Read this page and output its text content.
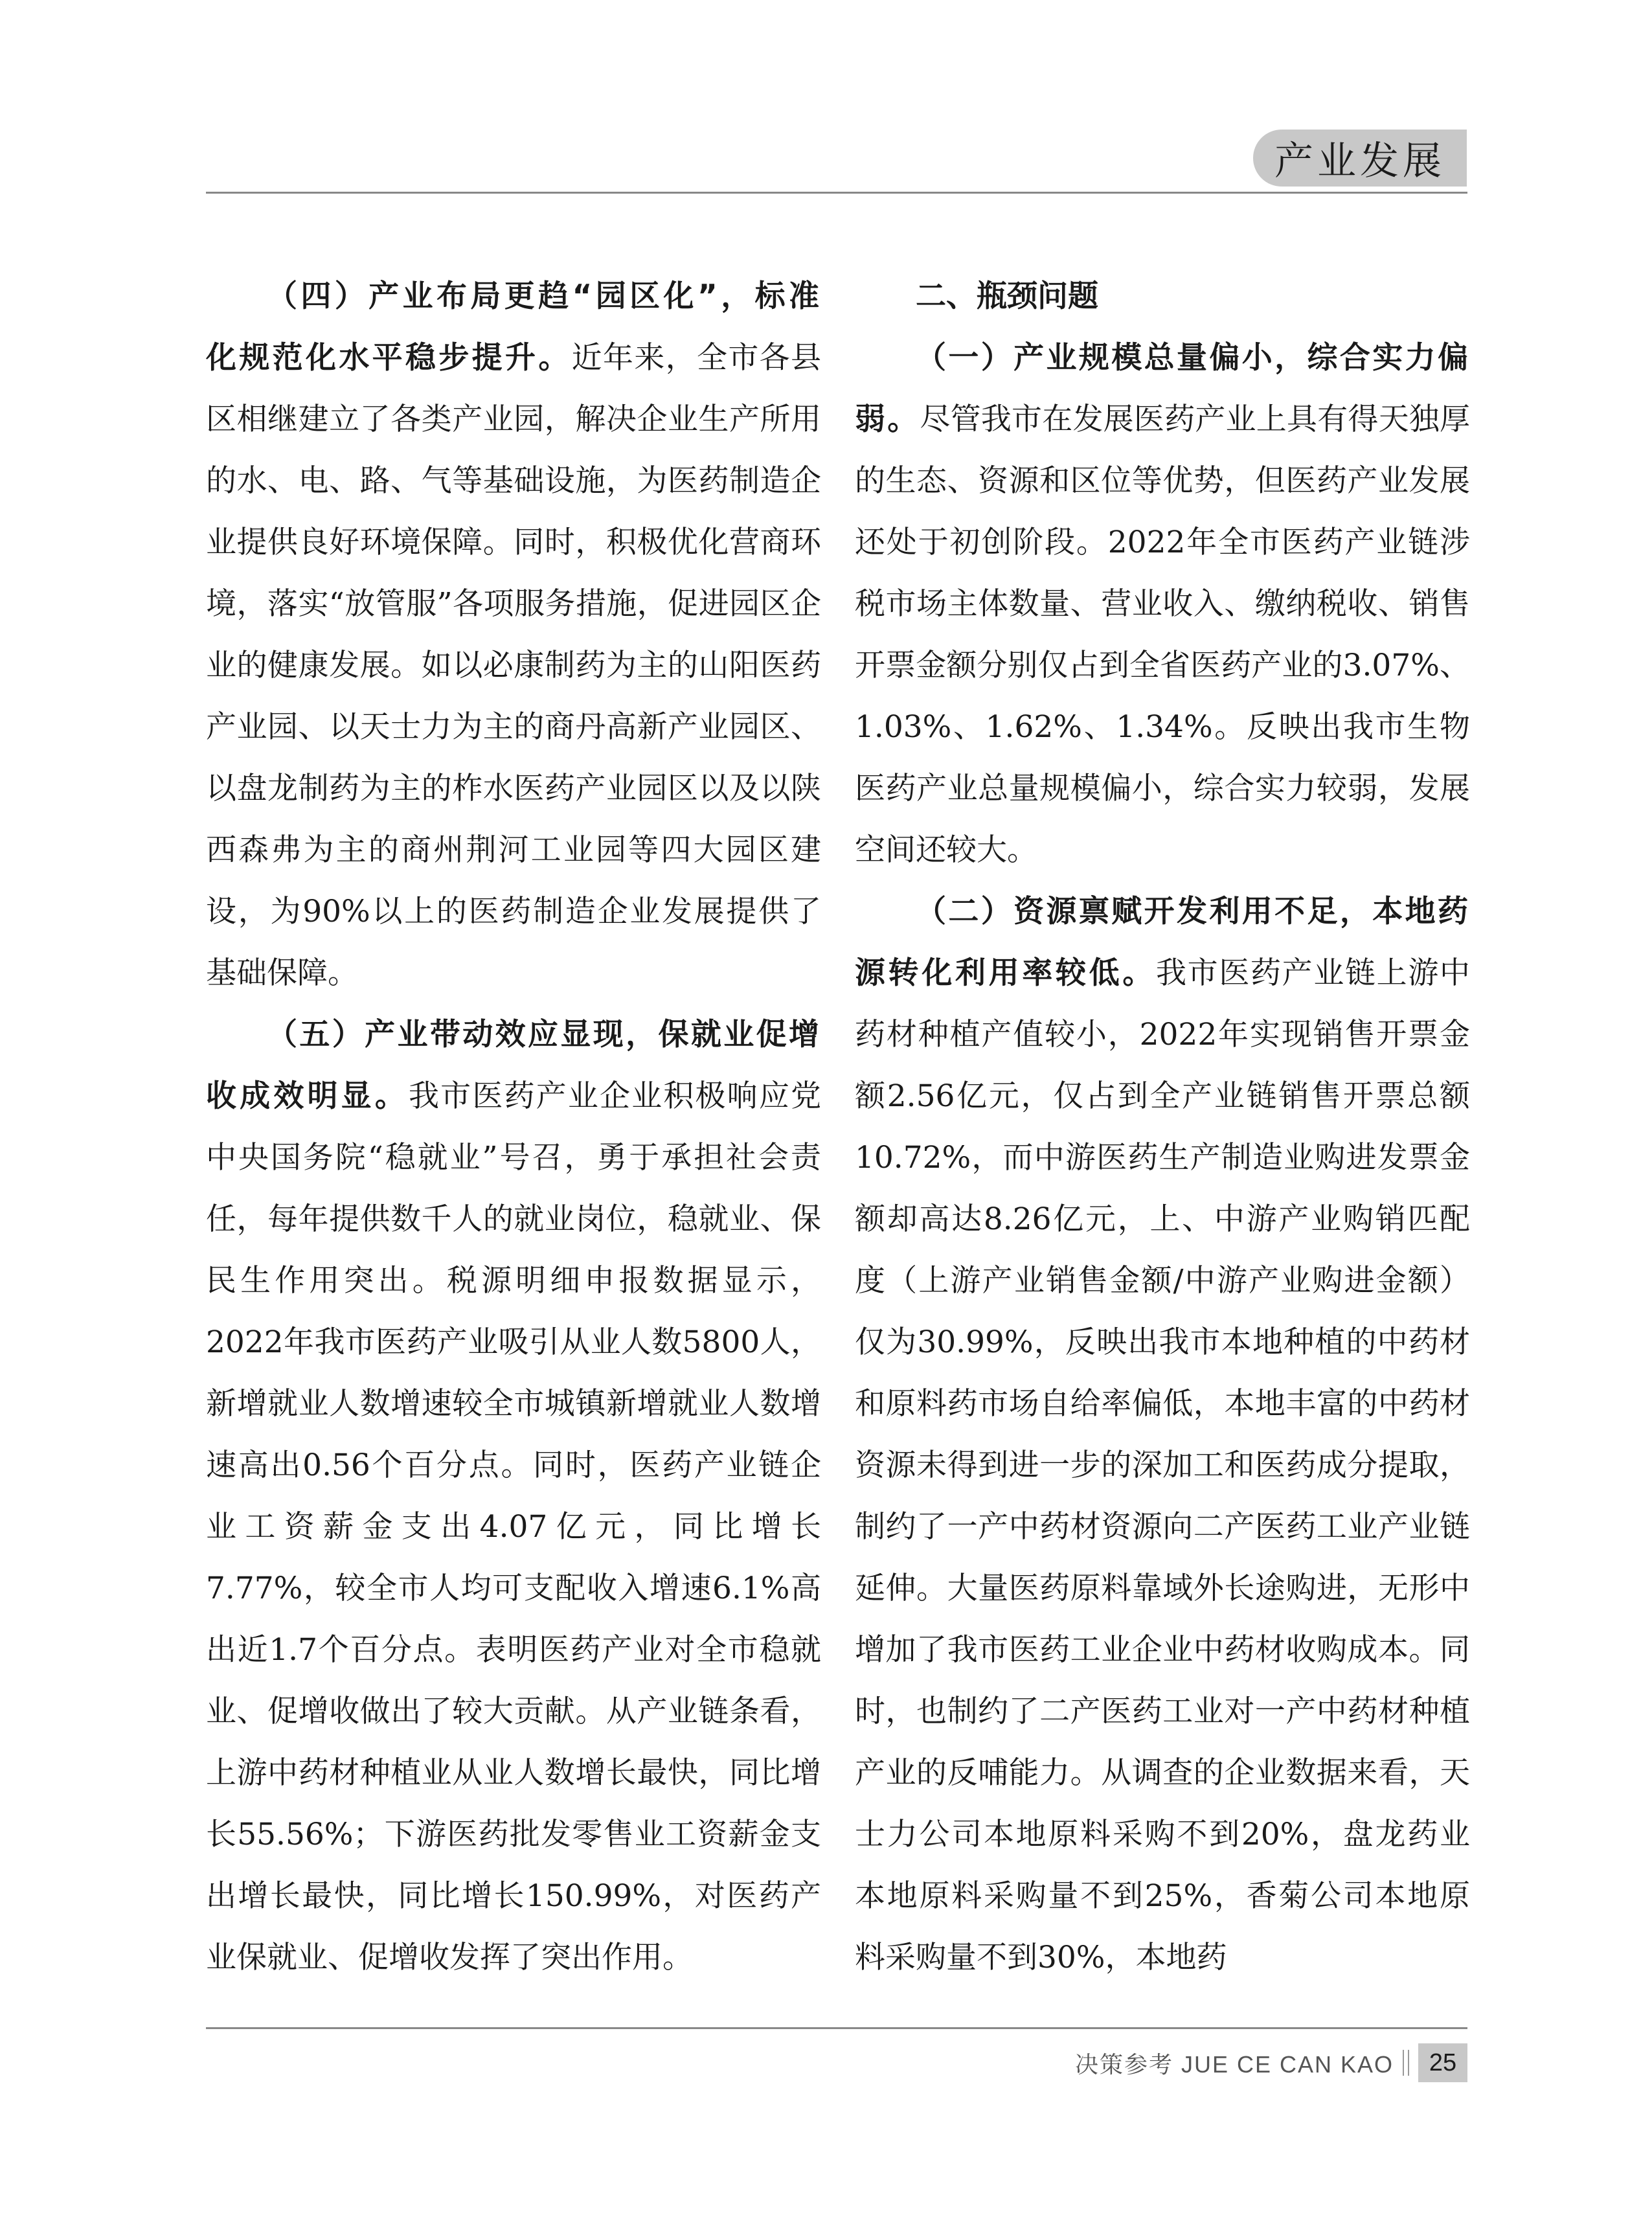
产业发展

（四）产业布局更趋“园区化”，标准化规范化水平稳步提升。近年来，全市各县区相继建立了各类产业园，解决企业生产所用的水、电、路、气等基础设施，为医药制造企业提供良好环境保障。同时，积极优化营商环境，落实“放管服”各项服务措施，促进园区企业的健康发展。如以必康制药为主的山阳医药产业园、以天士力为主的商丹高新产业园区、以盘龙制药为主的柞水医药产业园区以及以陕西森弗为主的商州荆河工业园等四大园区建设，为90%以上的医药制造企业发展提供了基础保障。

（五）产业带动效应显现，保就业促增收成效明显。我市医药产业企业积极响应党中央国务院“稳就业”号召，勇于承担社会责任，每年提供数千人的就业岗位，稳就业、保民生作用突出。税源明细申报数据显示，2022年我市医药产业吸引从业人数5800人，新增就业人数增速较全市城镇新增就业人数增速高出0.56个百分点。同时，医药产业链企业工资薪金支出4.07亿元，同比增长7.77%，较全市人均可支配收入增速6.1%高出近1.7个百分点。表明医药产业对全市稳就业、促增收做出了较大贡献。从产业链条看，上游中药材种植业从业人数增长最快，同比增长55.56%；下游医药批发零售业工资薪金支出增长最快，同比增长150.99%，对医药产业保就业、促增收发挥了突出作用。

二、瓶颈问题

（一）产业规模总量偏小，综合实力偏弱。尽管我市在发展医药产业上具有得天独厚的生态、资源和区位等优势，但医药产业发展还处于初创阶段。2022年全市医药产业链涉税市场主体数量、营业收入、缴纳税收、销售开票金额分别仅占到全省医药产业的3.07%、1.03%、1.62%、1.34%。反映出我市生物医药产业总量规模偏小，综合实力较弱，发展空间还较大。

（二）资源禀赋开发利用不足，本地药源转化利用率较低。我市医药产业链上游中药材种植产值较小，2022年实现销售开票金额2.56亿元，仅占到全产业链销售开票总额10.72%，而中游医药生产制造业购进发票金额却高达8.26亿元，上、中游产业购销匹配度（上游产业销售金额/中游产业购进金额）仅为30.99%，反映出我市本地种植的中药材和原料药市场自给率偏低，本地丰富的中药材资源未得到进一步的深加工和医药成分提取，制约了一产中药材资源向二产医药工业产业链延伸。大量医药原料靠域外长途购进，无形中增加了我市医药工业企业中药材收购成本。同时，也制约了二产医药工业对一产中药材种植产业的反哺能力。从调查的企业数据来看，天士力公司本地原料采购不到20%，盘龙药业本地原料采购量不到25%，香菊公司本地原料采购量不到30%，本地药

决策参考 JUE CE CAN KAO	25
